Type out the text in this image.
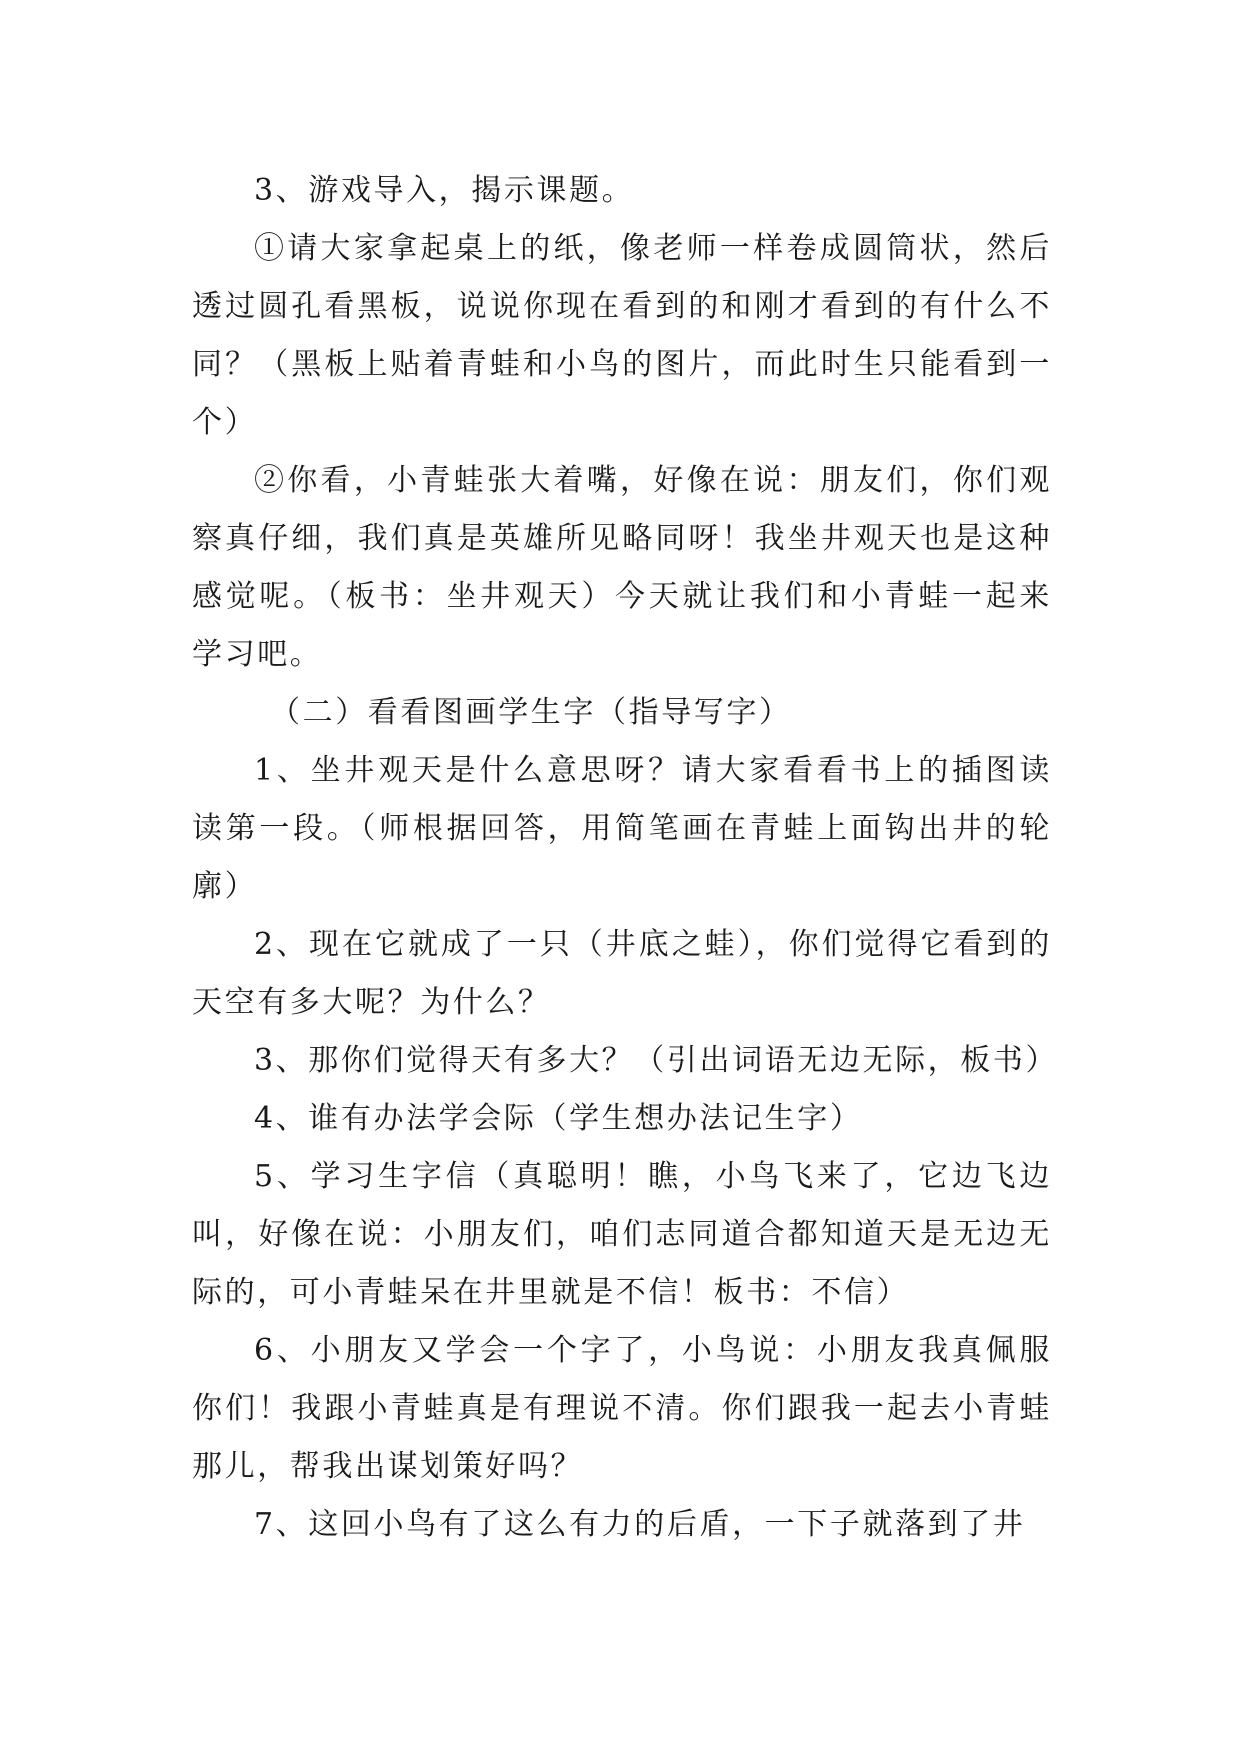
3、游戏导入，揭示课题。

①请大家拿起桌上的纸，像老师一样卷成圆筒状，然后透过圆孔看黑板，说说你现在看到的和刚才看到的有什么不同？（黑板上贴着青蛙和小鸟的图片，而此时生只能看到一个）

②你看，小青蛙张大着嘴，好像在说：朋友们，你们观察真仔细，我们真是英雄所见略同呀！我坐井观天也是这种感觉呢。（板书：坐井观天）今天就让我们和小青蛙一起来学习吧。

（二）看看图画学生字（指导写字）

1、坐井观天是什么意思呀？请大家看看书上的插图读读第一段。（师根据回答，用简笔画在青蛙上面钩出井的轮廓）

2、现在它就成了一只（井底之蛙），你们觉得它看到的天空有多大呢？为什么？

3、那你们觉得天有多大？（引出词语无边无际，板书）

4、谁有办法学会际（学生想办法记生字）

5、学习生字信（真聪明！瞧，小鸟飞来了，它边飞边叫，好像在说：小朋友们，咱们志同道合都知道天是无边无际的，可小青蛙呆在井里就是不信！板书：不信）

6、小朋友又学会一个字了，小鸟说：小朋友我真佩服你们！我跟小青蛙真是有理说不清。你们跟我一起去小青蛙那儿，帮我出谋划策好吗？

7、这回小鸟有了这么有力的后盾，一下子就落到了井
